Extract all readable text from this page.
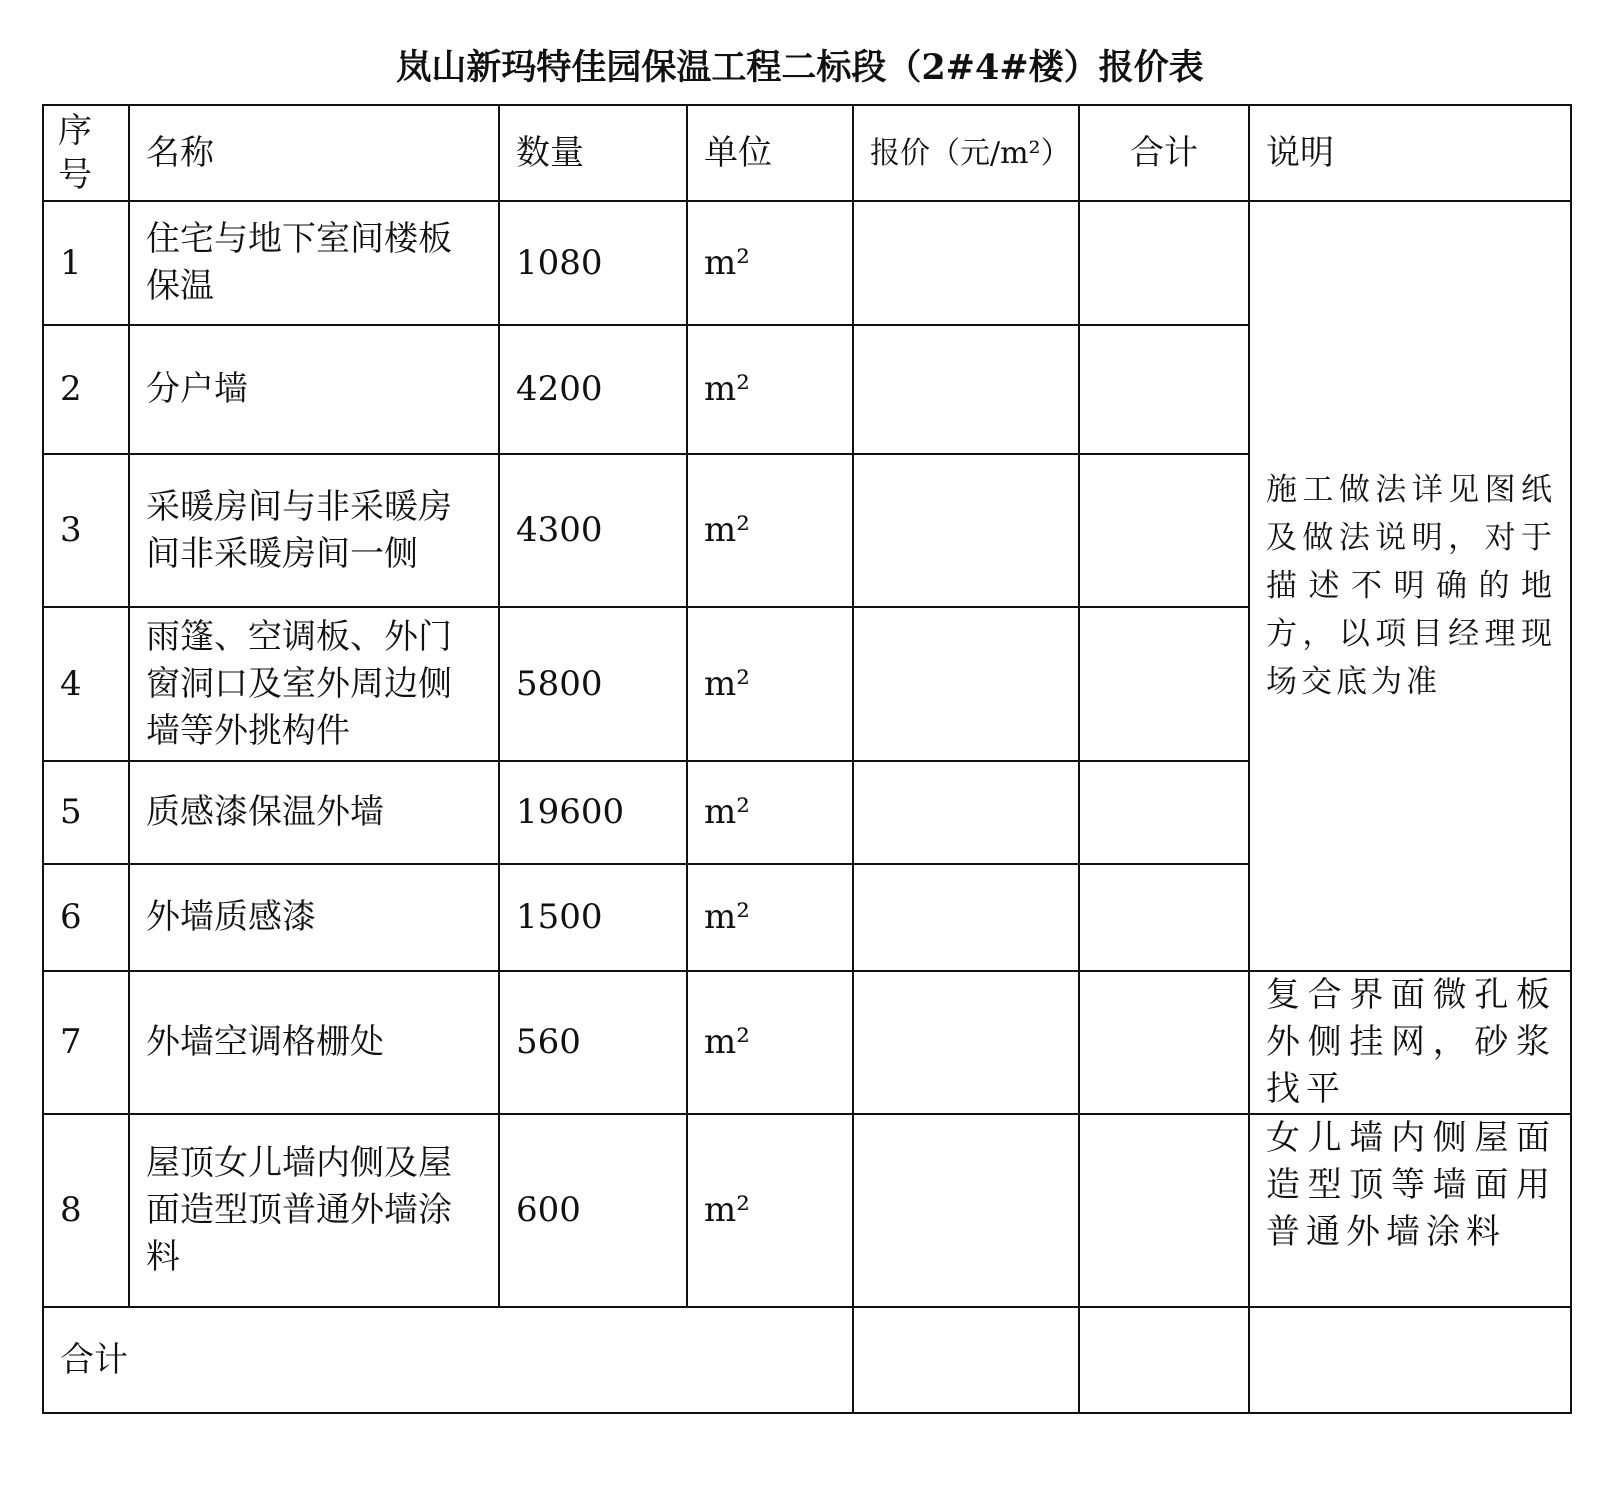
岚山新玛特佳园保温工程二标段（2#4#楼）报价表
序号	名称	数量	单位	报价（元/m²）	合计	说明
1	住宅与地下室间楼板保温	1080	m²			施工做法详见图纸及做法说明，对于描述不明确的地方，以项目经理现场交底为准
2	分户墙	4200	m²			
3	采暖房间与非采暖房间非采暖房间一侧	4300	m²			
4	雨篷、空调板、外门窗洞口及室外周边侧墙等外挑构件	5800	m²			
5	质感漆保温外墙	19600	m²			
6	外墙质感漆	1500	m²			
7	外墙空调格栅处	560	m²			复合界面微孔板外侧挂网，砂浆找平
8	屋顶女儿墙内侧及屋面造型顶普通外墙涂料	600	m²			女儿墙内侧屋面造型顶等墙面用普通外墙涂料
合计						
